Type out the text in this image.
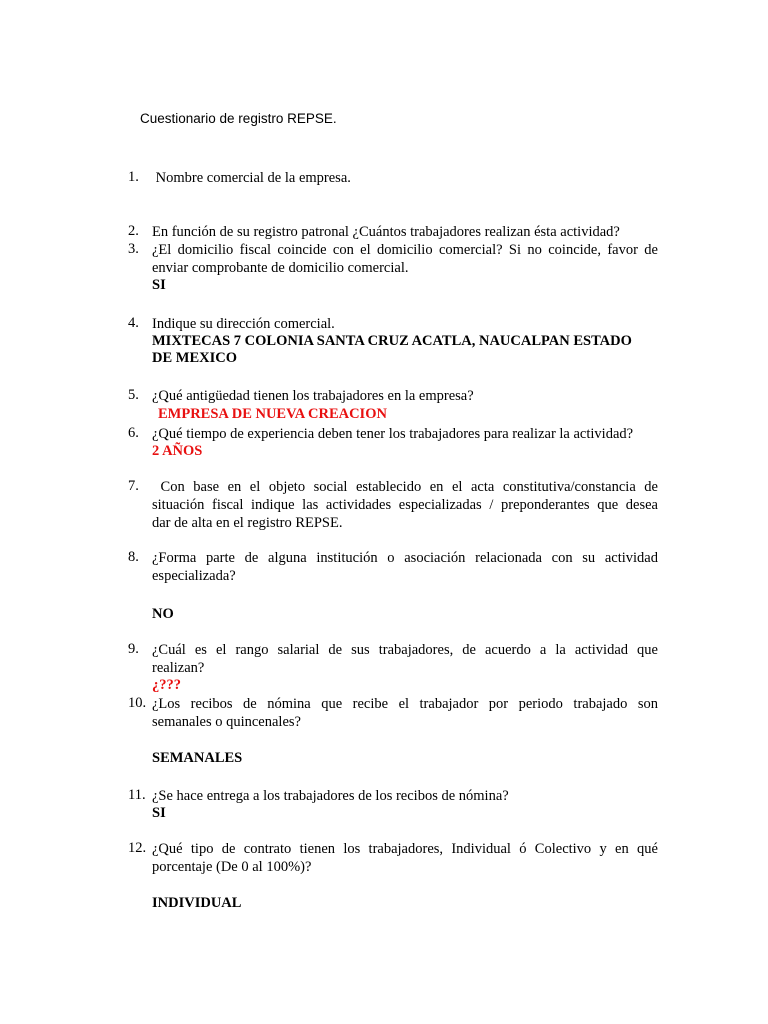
Cuestionario de registro REPSE.
1. Nombre comercial de la empresa.
2. En función de su registro patronal ¿Cuántos trabajadores realizan ésta actividad?
3. ¿El domicilio fiscal coincide con el domicilio comercial? Si no coincide, favor de
enviar comprobante de domicilio comercial.
SI
4. Indique su dirección comercial.
MIXTECAS 7 COLONIA SANTA CRUZ ACATLA, NAUCALPAN ESTADO
DE MEXICO
5. ¿Qué antigüedad tienen los trabajadores en la empresa?
EMPRESA DE NUEVA CREACION
6. ¿Qué tiempo de experiencia deben tener los trabajadores para realizar la actividad?
2 AÑOS
7. Con base en el objeto social establecido en el acta constitutiva/constancia de
situación fiscal indique las actividades especializadas / preponderantes que desea
dar de alta en el registro REPSE.
8. ¿Forma parte de alguna institución o asociación relacionada con su actividad
especializada?
NO
9. ¿Cuál es el rango salarial de sus trabajadores, de acuerdo a la actividad que
realizan?
¿???
10. ¿Los recibos de nómina que recibe el trabajador por periodo trabajado son
semanales o quincenales?
SEMANALES
11. ¿Se hace entrega a los trabajadores de los recibos de nómina?
SI
12. ¿Qué tipo de contrato tienen los trabajadores, Individual ó Colectivo y en qué
porcentaje (De 0 al 100%)?
INDIVIDUAL
